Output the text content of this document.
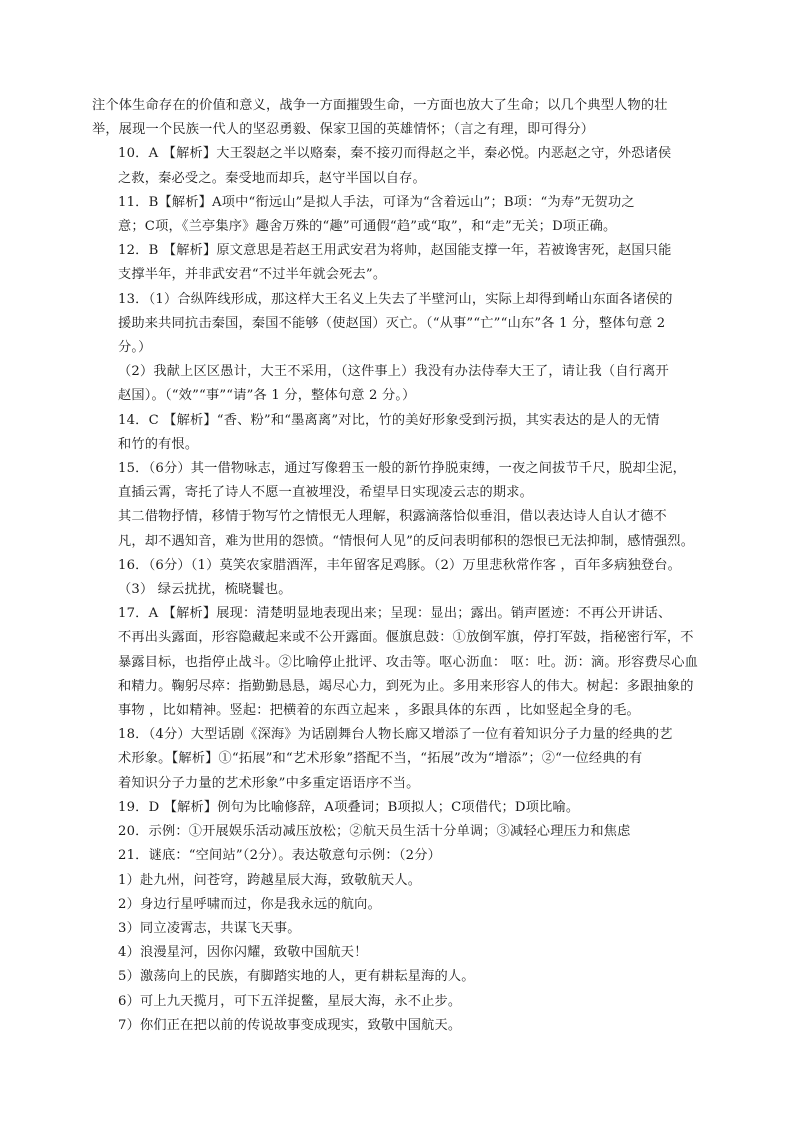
注个体生命存在的价值和意义，战争一方面摧毁生命，一方面也放大了生命；以几个典型人物的壮
举，展现一个民族一代人的坚忍勇毅、保家卫国的英雄情怀；（言之有理，即可得分）

10．A 【解析】大王裂赵之半以赂秦，秦不接刃而得赵之半，秦必悦。内恶赵之守，外恐诸侯
之救，秦必受之。秦受地而却兵，赵守半国以自存。

11．B【解析】A项中“衔远山”是拟人手法，可译为“含着远山”；B项：“为寿”无贺功之
意；C项，《兰亭集序》趣舍万殊的“趣”可通假“趋”或“取”，和“走”无关；D项正确。

12．B 【解析】原文意思是若赵王用武安君为将帅，赵国能支撑一年，若被谗害死，赵国只能
支撑半年，并非武安君“不过半年就会死去”。

13．（1）合纵阵线形成，那这样大王名义上失去了半壁河山，实际上却得到崤山东面各诸侯的
援助来共同抗击秦国，秦国不能够（使赵国）灭亡。（“从事”“亡”“山东”各 1 分，整体句意 2
分。）

（2）我献上区区愚计，大王不采用，（这件事上）我没有办法侍奉大王了，请让我（自行离开
赵国）。（“效”“事”“请”各 1 分，整体句意 2 分。）

14．C 【解析】“香、粉”和“墨离离”对比，竹的美好形象受到污损，其实表达的是人的无情
和竹的有恨。

15．（6分）其一借物咏志，通过写像碧玉一般的新竹挣脱束缚，一夜之间拔节千尺，脱却尘泥，
直插云霄，寄托了诗人不愿一直被埋没，希望早日实现凌云志的期求。

其二借物抒情，移情于物写竹之情恨无人理解，积露滴落恰似垂泪，借以表达诗人自认才德不
凡，却不遇知音，难为世用的怨愤。“情恨何人见”的反问表明郁积的怨恨已无法抑制，感情强烈。

16．（6分）（1）莫笑农家腊酒浑，丰年留客足鸡豚。（2）万里悲秋常作客 ，百年多病独登台。
（3） 绿云扰扰，梳晓鬟也。

17．A 【解析】展现：清楚明显地表现出来；呈现：显出；露出。销声匿迹：不再公开讲话、
不再出头露面，形容隐藏起来或不公开露面。偃旗息鼓：①放倒军旗，停打军鼓，指秘密行军，不
暴露目标，也指停止战斗。②比喻停止批评、攻击等。呕心沥血： 呕：吐。沥：滴。形容费尽心血
和精力。鞠躬尽瘁：指勤勤恳恳，竭尽心力，到死为止。多用来形容人的伟大。树起：多跟抽象的
事物 ，比如精神。竖起：把横着的东西立起来 ，多跟具体的东西 ，比如竖起全身的毛。

18．（4分）大型话剧《深海》为话剧舞台人物长廊又增添了一位有着知识分子力量的经典的艺
术形象。【解析】①“拓展”和“艺术形象”搭配不当，“拓展”改为“增添”；②“一位经典的有
着知识分子力量的艺术形象”中多重定语语序不当。

19．D 【解析】例句为比喻修辞，A项叠词；B项拟人；C项借代；D项比喻。

20．示例：①开展娱乐活动减压放松；②航天员生活十分单调；③减轻心理压力和焦虑

21．谜底：“空间站”（2分）。表达敬意句示例：（2分）

1）赴九州，问苍穹，跨越星辰大海，致敬航天人。

2）身边行星呼啸而过，你是我永远的航向。

3）同立凌霄志，共谋飞天事。

4）浪漫星河，因你闪耀，致敬中国航天！

5）激荡向上的民族，有脚踏实地的人，更有耕耘星海的人。

6）可上九天揽月，可下五洋捉鳖，星辰大海，永不止步。

7）你们正在把以前的传说故事变成现实，致敬中国航天。
